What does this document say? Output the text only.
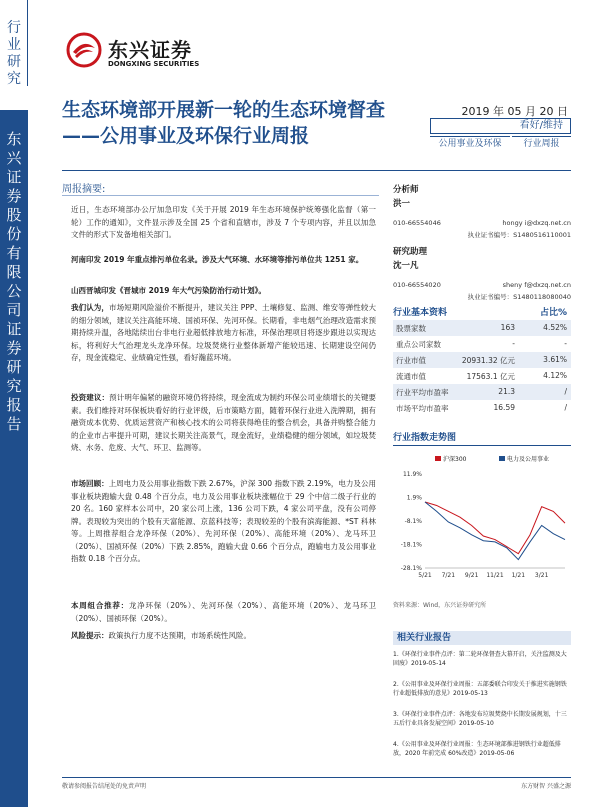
行业研究
东兴证券股份有限公司证券研究报告
东兴证券
DONGXING SECURITIES
生态环境部开展新一轮的生态环境督查——公用事业及环保行业周报
2019 年 05 月 20 日
看好/维持
公用事业及环保	行业周报
周报摘要:
近日，生态环境部办公厅加急印发《关于开展 2019 年生态环境保护统筹强化监督（第一轮）工作的通知》，文件显示涉及全国 25 个省和直辖市，涉及 7 个专项内容，并且以加急文件的形式下发备地相关部门。
河南印发 2019 年重点排污单位名录。涉及大气环境、水环境等排污单位共 1251 家。
山西晋城印发《晋城市 2019 年大气污染防治行动计划》。
我们认为，市场短期风险溢价不断提升，建议关注 PPP、土壤修复、监测、维安等弹性较大的细分领域，建议关注高能环境、国祯环保、先河环保。长期看，非电烟气治理改造需求预期持续升温，各地陆续出台非电行业超低排放地方标准，环保治理项目将逐步跟进以实现达标，将利好大气治理龙头龙净环保。垃圾焚烧行业整体新增产能较迅速、长期建设空间仍存，现金流稳定、业绩确定性强，看好瀚蓝环境。
投资建议：预计明年偏紧的融资环境仍将持续，现金流成为制约环保公司业绩增长的关键要素。我们维持对环保板块看好的行业评级，后市策略方面，随着环保行业进入洗牌期，拥有融资成本优势、优质运营资产和核心技术的公司将获得绝佳的整合机会，具备并购整合能力的企业市占率提升可期，建议长期关注高景气，现金流好，业绩稳健的细分领域，如垃圾焚烧、水务、危废、大气、环卫、监测等。
市场回顾：上周电力及公用事业指数下跌 2.67%，沪深 300 指数下跌 2.19%，电力及公用事业板块跑输大盘 0.48 个百分点，电力及公用事业板块涨幅位于 29 个中信二级子行业的 20 名。160 家样本公司中，20 家公司上涨，136 公司下跌，4 家公司平盘，没有公司停牌。表现较为突出的个股有天富能源、京蓝科技等；表现较差的个股有滨海能源、*ST 科林等。上周推荐组合龙净环保（20%）、先河环保（20%）、高能环境（20%）、龙马环卫（20%）、国祯环保（20%）下跌 2.85%，跑输大盘 0.66 个百分点，跑输电力及公用事业指数 0.18 个百分点。
本周组合推荐：龙净环保（20%）、先河环保（20%）、高能环境（20%）、龙马环卫（20%）、国祯环保（20%）。
风险提示：政策执行力度不达预期，市场系统性风险。
分析师
洪一
010-66554046	hongy i@dxzq.net.cn
执业证书编号：S1480516110001
研究助理
沈一凡
010-66554020	sheny f@dxzq.net.cn
执业证书编号：S1480118080040
行业基本资料	占比%
股票家数	163	4.52%
重点公司家数	-	-
行业市值	20931.32 亿元	3.61%
流通市值	17563.1 亿元	4.12%
行业平均市盈率	21.3	/
市场平均市盈率	16.59	/
行业指数走势图
11.9%
1.9%
-8.1%
-18.1%
-28.1%
5/21 7/21 9/21 11/21 1/21 3/21
沪深300	电力及公用事业
资料来源：Wind，东兴证券研究所
相关行业报告
1.《环保行业事件点评：第二轮环保督查大幕开启，关注监测及大固废》2019-05-14
2.《公用事业及环保行业周报：五部委联合印发关于推进实施钢铁行业超低排放的意见》2019-05-13
3.《环保行业事件点评：各地发布垃圾焚烧中长期发展规划，十三五后行业具备发展空间》2019-05-10
4.《公用事业及环保行业周报：生态环境部推进钢铁行业超低排放，2020 年前完成 60%改造》2019-05-06
敬请参阅报告结尾处的免责声明	东方财智 兴盛之源
